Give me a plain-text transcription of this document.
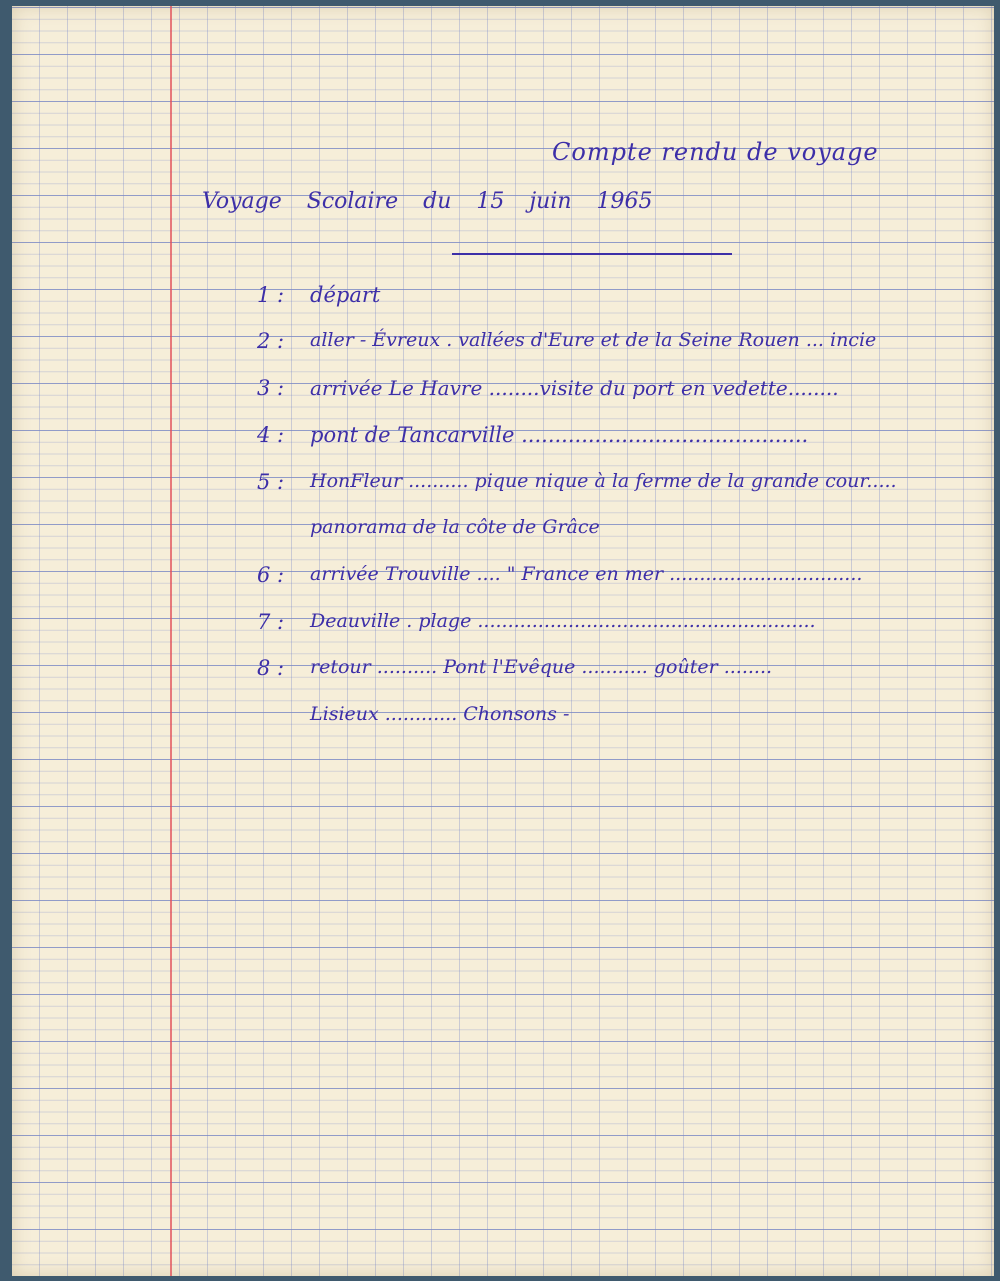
Compte rendu de voyage
Voyage Scolaire du 15 juin 1965
1 :	départ
2 :	aller - Évreux . vallées d'Eure et de la Seine Rouen ... incie
3 :	arrivée Le Havre ........visite du port en vedette........
4 :	pont de Tancarville ...........................................
5 :	HonFleur .......... pique nique à la ferme de la grande cour.....
panorama de la côte de Grâce
6 :	arrivée Trouville .... " France en mer ................................
7 :	Deauville . plage ........................................................
8 :	retour .......... Pont l'Evêque ........... goûter ........
Lisieux ............ Chonsons -
